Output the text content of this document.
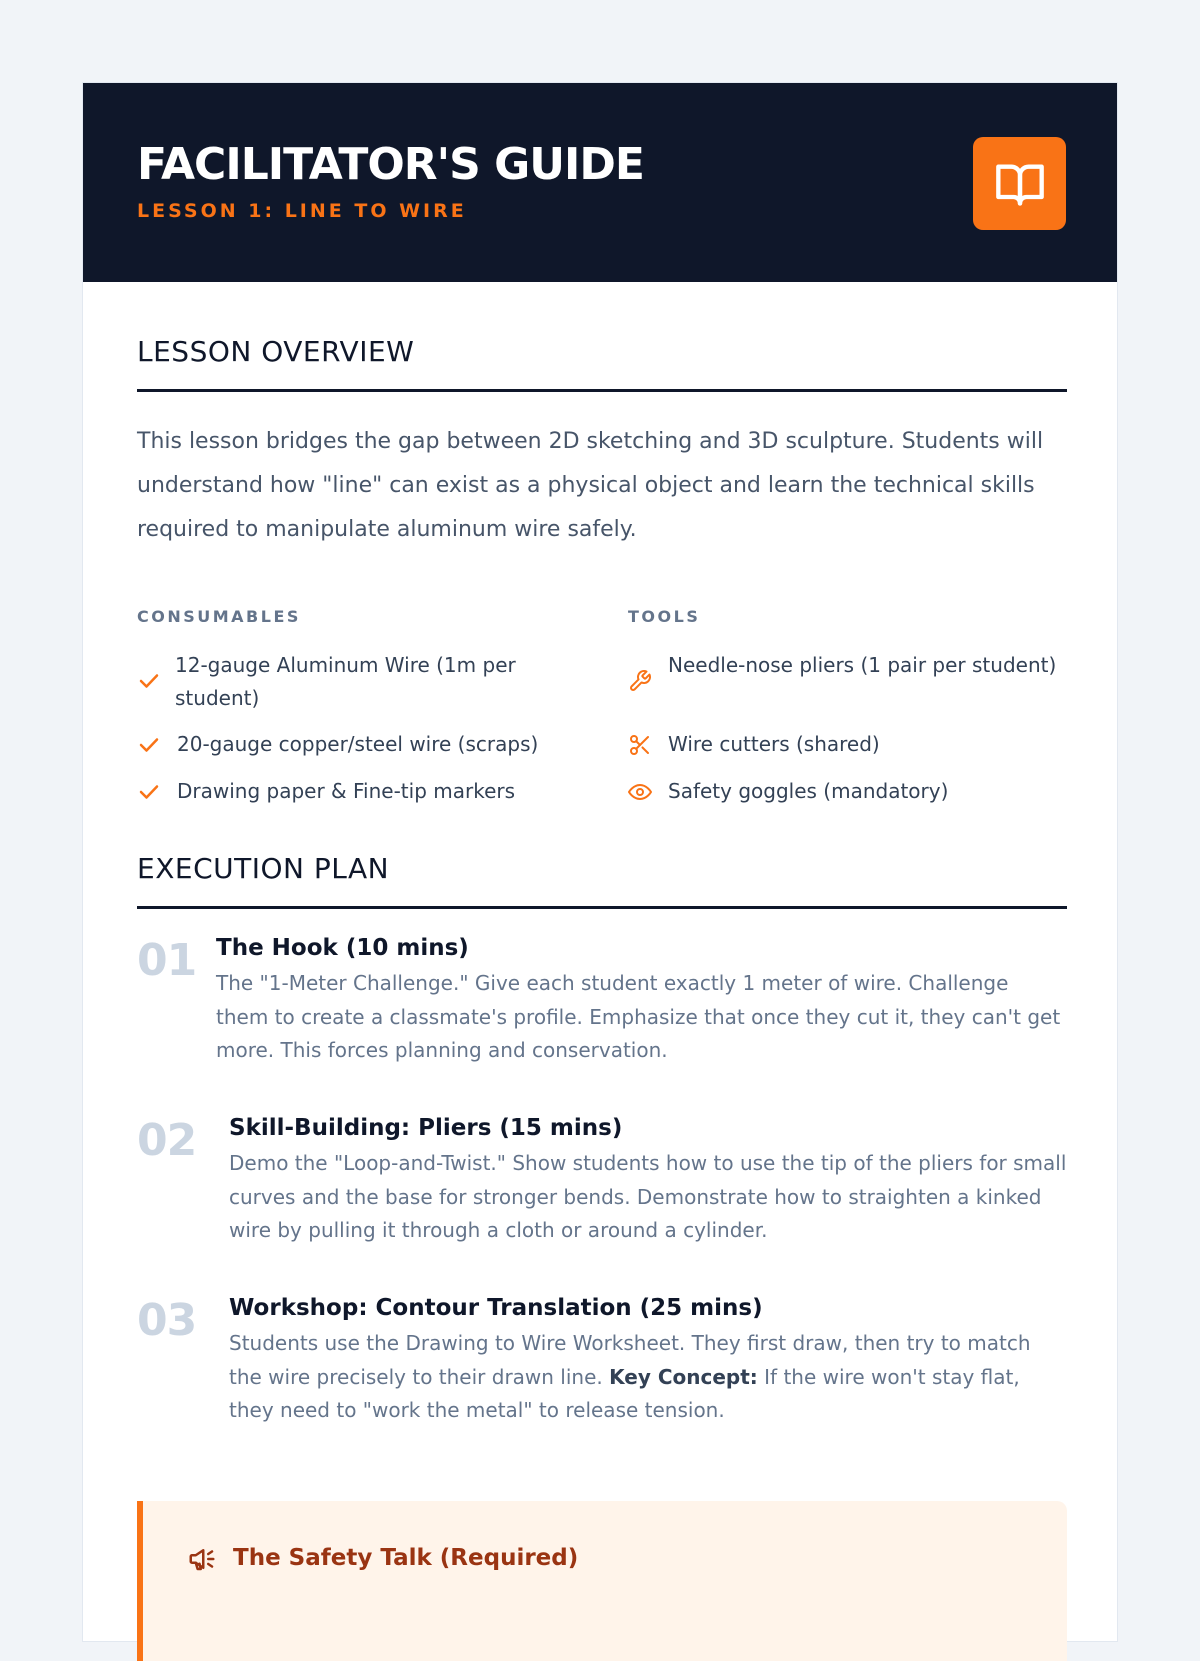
FACILITATOR'S GUIDE
LESSON 1: LINE TO WIRE
LESSON OVERVIEW

This lesson bridges the gap between 2D sketching and 3D sculpture. Students will understand how "line" can exist as a physical object and learn the technical skills required to manipulate aluminum wire safely.

CONSUMABLES
12-gauge Aluminum Wire (1m per student)
20-gauge copper/steel wire (scraps)
Drawing paper & Fine-tip markers
TOOLS
Needle-nose pliers (1 pair per student)
Wire cutters (shared)
Safety goggles (mandatory)
EXECUTION PLAN
01 The Hook (10 mins)

The "1-Meter Challenge." Give each student exactly 1 meter of wire. Challenge them to create a classmate's profile. Emphasize that once they cut it, they can't get more. This forces planning and conservation.

02 Skill-Building: Pliers (15 mins)

Demo the "Loop-and-Twist." Show students how to use the tip of the pliers for small curves and the base for stronger bends. Demonstrate how to straighten a kinked wire by pulling it through a cloth or around a cylinder.

03 Workshop: Contour Translation (25 mins)

Students use the Drawing to Wire Worksheet. They first draw, then try to match the wire precisely to their drawn line. Key Concept: If the wire won't stay flat, they need to "work the metal" to release tension.

The Safety Talk (Required)
